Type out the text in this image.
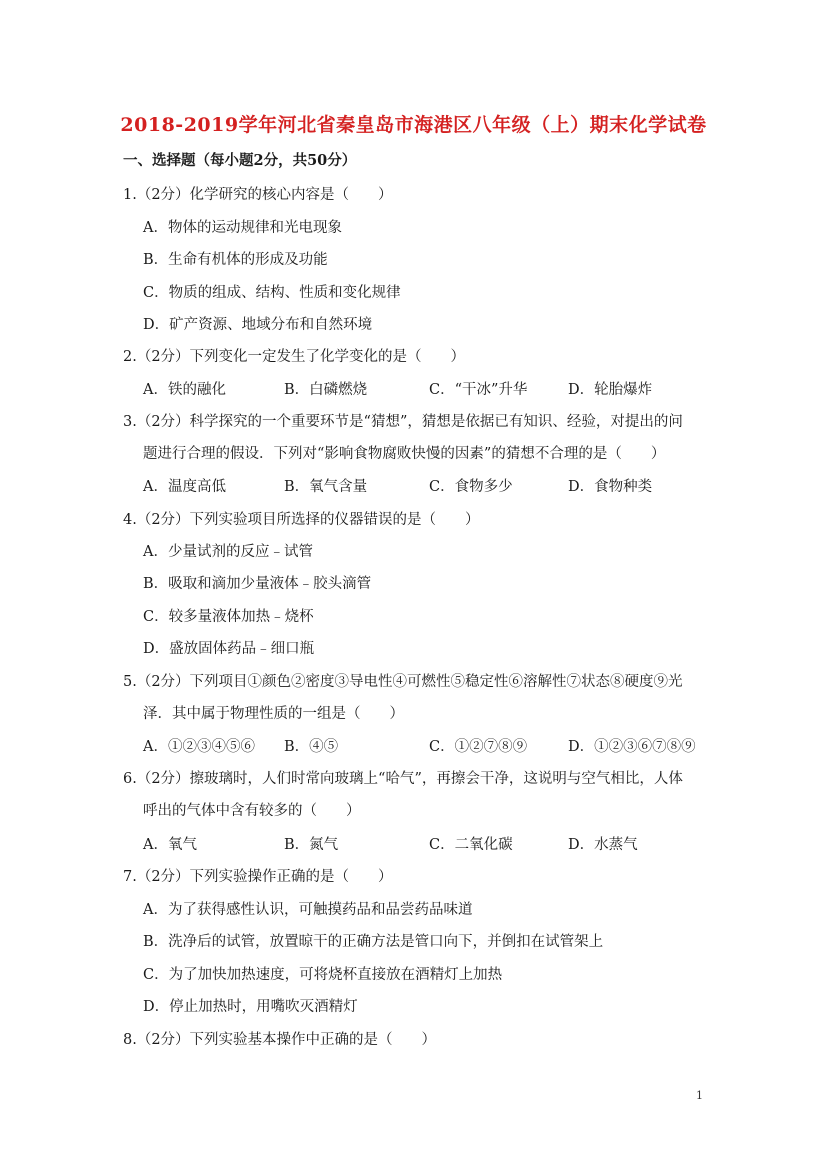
2018-2019学年河北省秦皇岛市海港区八年级（上）期末化学试卷
一、选择题（每小题2分，共50分）
1.（2分）化学研究的核心内容是（　　）
A．物体的运动规律和光电现象
B．生命有机体的形成及功能
C．物质的组成、结构、性质和变化规律
D．矿产资源、地域分布和自然环境
2.（2分）下列变化一定发生了化学变化的是（　　）
A．铁的融化	B．白磷燃烧	C．“干冰”升华	D．轮胎爆炸
3.（2分）科学探究的一个重要环节是“猜想”，猜想是依据已有知识、经验，对提出的问
题进行合理的假设．下列对“影响食物腐败快慢的因素”的猜想不合理的是（　　）
A．温度高低	B．氧气含量	C．食物多少	D．食物种类
4.（2分）下列实验项目所选择的仪器错误的是（　　）
A．少量试剂的反应﹣试管
B．吸取和滴加少量液体﹣胶头滴管
C．较多量液体加热﹣烧杯
D．盛放固体药品﹣细口瓶
5.（2分）下列项目①颜色②密度③导电性④可燃性⑤稳定性⑥溶解性⑦状态⑧硬度⑨光
泽．其中属于物理性质的一组是（　　）
A．①②③④⑤⑥ B．④⑤	C．①②⑦⑧⑨	D．①②③⑥⑦⑧⑨
6.（2分）擦玻璃时，人们时常向玻璃上“哈气”，再擦会干净，这说明与空气相比，人体
呼出的气体中含有较多的（　　）
A．氧气	B．氮气	C．二氧化碳	D．水蒸气
7.（2分）下列实验操作正确的是（　　）
A．为了获得感性认识，可触摸药品和品尝药品味道
B．洗净后的试管，放置晾干的正确方法是管口向下，并倒扣在试管架上
C．为了加快加热速度，可将烧杯直接放在酒精灯上加热
D．停止加热时，用嘴吹灭酒精灯
8.（2分）下列实验基本操作中正确的是（　　）
1
